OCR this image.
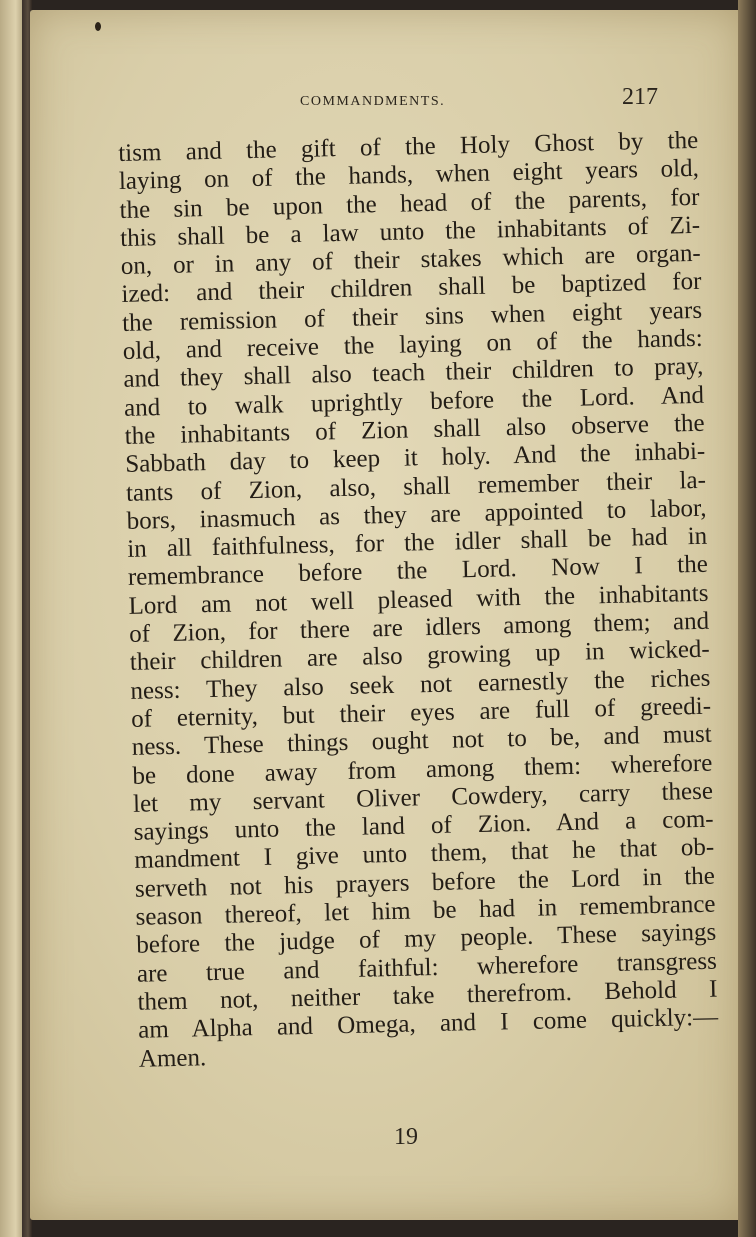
COMMANDMENTS.	217
tism and the gift of the Holy Ghost by the
laying on of the hands, when eight years old,
the sin be upon the head of the parents, for
this shall be a law unto the inhabitants of Zi-
on, or in any of their stakes which are organ-
ized: and their children shall be baptized for
the remission of their sins when eight years
old, and receive the laying on of the hands:
and they shall also teach their children to pray,
and to walk uprightly before the Lord. And
the inhabitants of Zion shall also observe the
Sabbath day to keep it holy. And the inhabi-
tants of Zion, also, shall remember their la-
bors, inasmuch as they are appointed to labor,
in all faithfulness, for the idler shall be had in
remembrance before the Lord. Now I the
Lord am not well pleased with the inhabitants
of Zion, for there are idlers among them; and
their children are also growing up in wicked-
ness: They also seek not earnestly the riches
of eternity, but their eyes are full of greedi-
ness. These things ought not to be, and must
be done away from among them: wherefore
let my servant Oliver Cowdery, carry these
sayings unto the land of Zion. And a com-
mandment I give unto them, that he that ob-
serveth not his prayers before the Lord in the
season thereof, let him be had in remembrance
before the judge of my people. These sayings
are true and faithful: wherefore transgress
them not, neither take therefrom. Behold I
am Alpha and Omega, and I come quickly:—
Amen.
19
